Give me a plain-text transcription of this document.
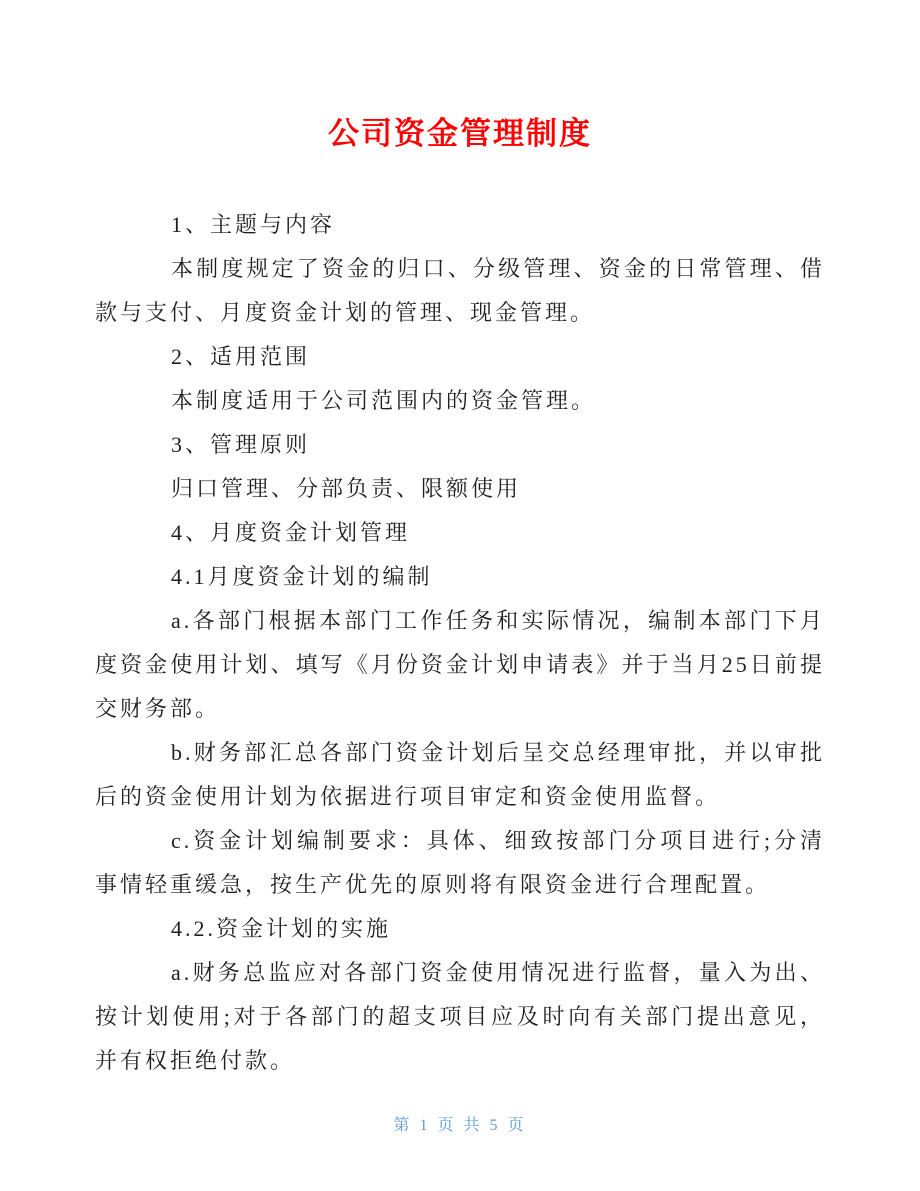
公司资金管理制度

1、主题与内容

本制度规定了资金的归口、分级管理、资金的日常管理、借款与支付、月度资金计划的管理、现金管理。

2、适用范围

本制度适用于公司范围内的资金管理。

3、管理原则

归口管理、分部负责、限额使用

4、月度资金计划管理

4.1月度资金计划的编制

a.各部门根据本部门工作任务和实际情况，编制本部门下月度资金使用计划、填写《月份资金计划申请表》并于当月25日前提交财务部。

b.财务部汇总各部门资金计划后呈交总经理审批，并以审批后的资金使用计划为依据进行项目审定和资金使用监督。

c.资金计划编制要求：具体、细致按部门分项目进行;分清事情轻重缓急，按生产优先的原则将有限资金进行合理配置。

4.2.资金计划的实施

a.财务总监应对各部门资金使用情况进行监督，量入为出、按计划使用;对于各部门的超支项目应及时向有关部门提出意见，并有权拒绝付款。

第 1 页 共 5 页
